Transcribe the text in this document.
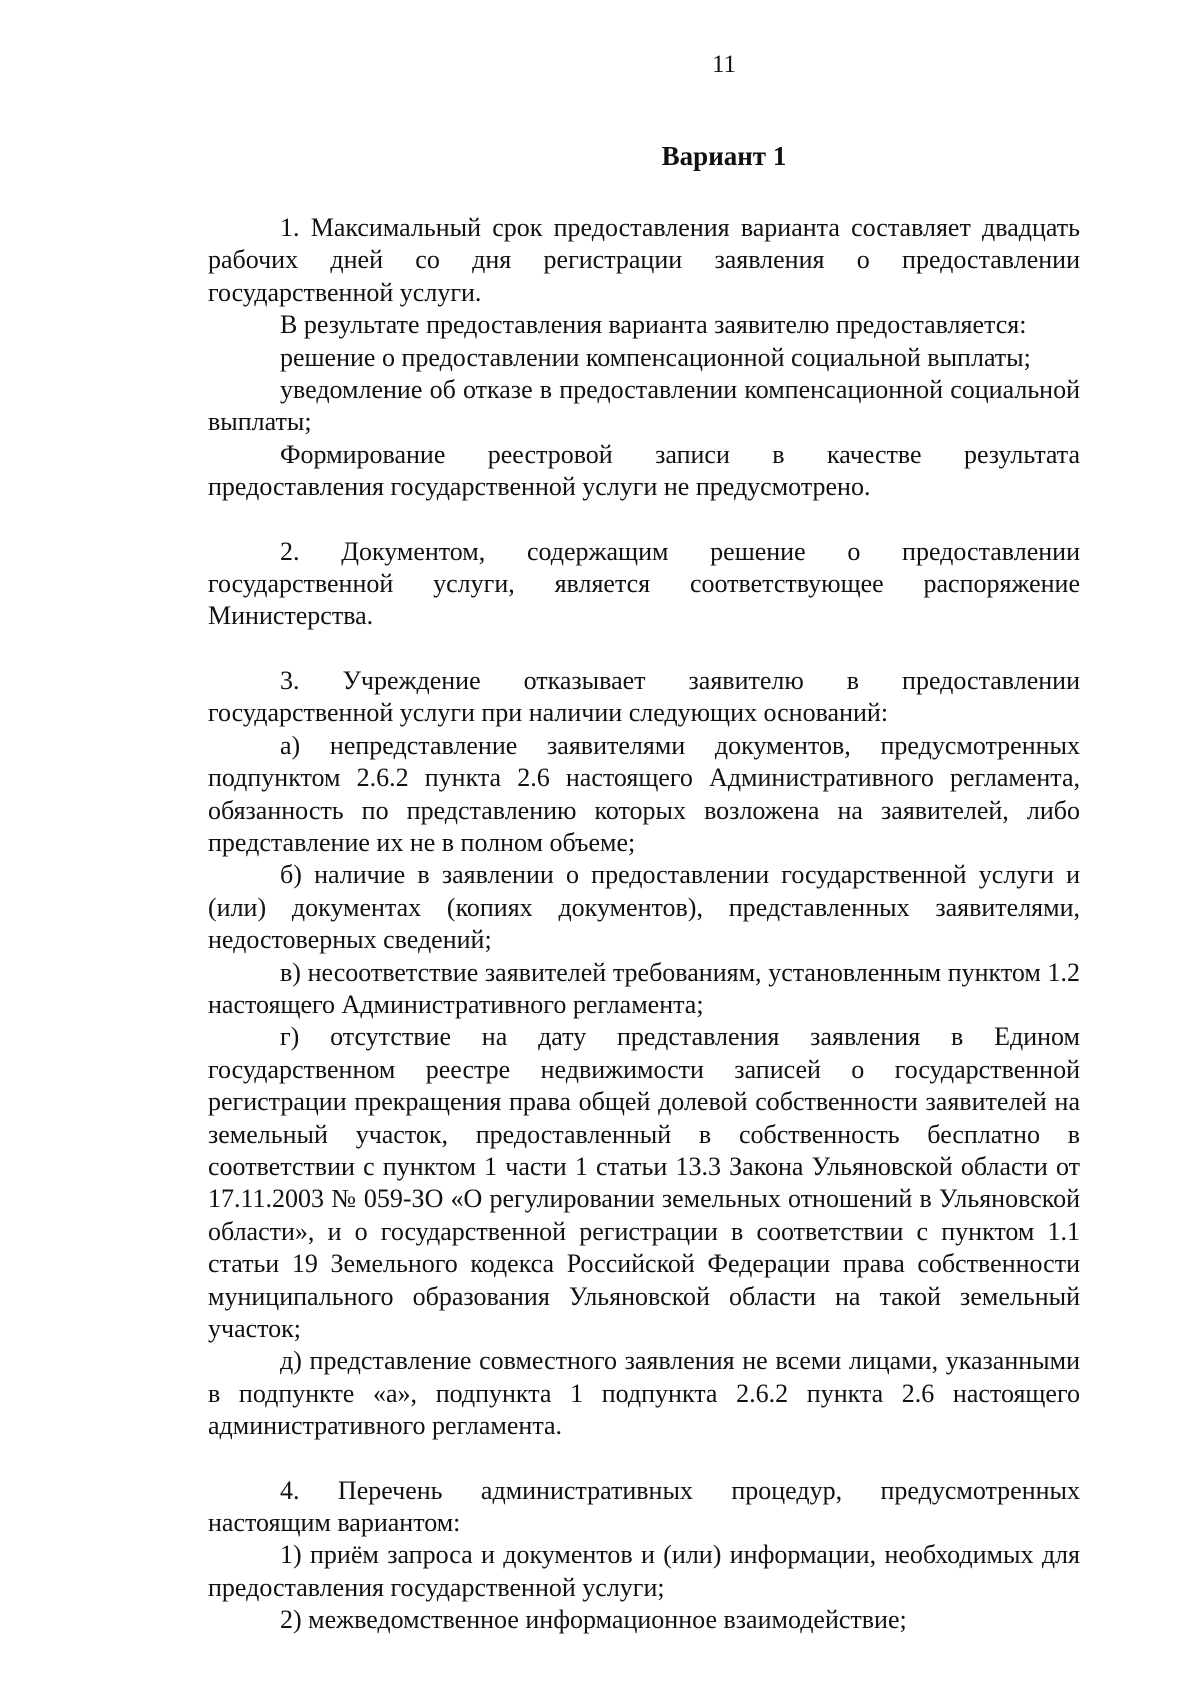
11
Вариант 1

1. Максимальный срок предоставления варианта составляет двадцать рабочих дней со дня регистрации заявления о предоставлении государственной услуги.

В результате предоставления варианта заявителю предоставляется:

решение о предоставлении компенсационной социальной выплаты;

уведомление об отказе в предоставлении компенсационной социальной выплаты;

Формирование реестровой записи в качестве результата предоставления государственной услуги не предусмотрено.

2. Документом, содержащим решение о предоставлении государственной услуги, является соответствующее распоряжение Министерства.

3. Учреждение отказывает заявителю в предоставлении государственной услуги при наличии следующих оснований:

а) непредставление заявителями документов, предусмотренных подпунктом 2.6.2 пункта 2.6 настоящего Административного регламента, обязанность по представлению которых возложена на заявителей, либо представление их не в полном объеме;

б) наличие в заявлении о предоставлении государственной услуги и (или) документах (копиях документов), представленных заявителями, недостоверных сведений;

в) несоответствие заявителей требованиям, установленным пунктом 1.2 настоящего Административного регламента;

г) отсутствие на дату представления заявления в Едином государственном реестре недвижимости записей о государственной регистрации прекращения права общей долевой собственности заявителей на земельный участок, предоставленный в собственность бесплатно в соответствии с пунктом 1 части 1 статьи 13.3 Закона Ульяновской области от 17.11.2003 № 059-ЗО «О регулировании земельных отношений в Ульяновской области», и о государственной регистрации в соответствии с пунктом 1.1 статьи 19 Земельного кодекса Российской Федерации права собственности муниципального образования Ульяновской области на такой земельный участок;

д) представление совместного заявления не всеми лицами, указанными в подпункте «а», подпункта 1 подпункта 2.6.2 пункта 2.6 настоящего административного регламента.

4. Перечень административных процедур, предусмотренных настоящим вариантом:

1) приём запроса и документов и (или) информации, необходимых для предоставления государственной услуги;

2) межведомственное информационное взаимодействие;
